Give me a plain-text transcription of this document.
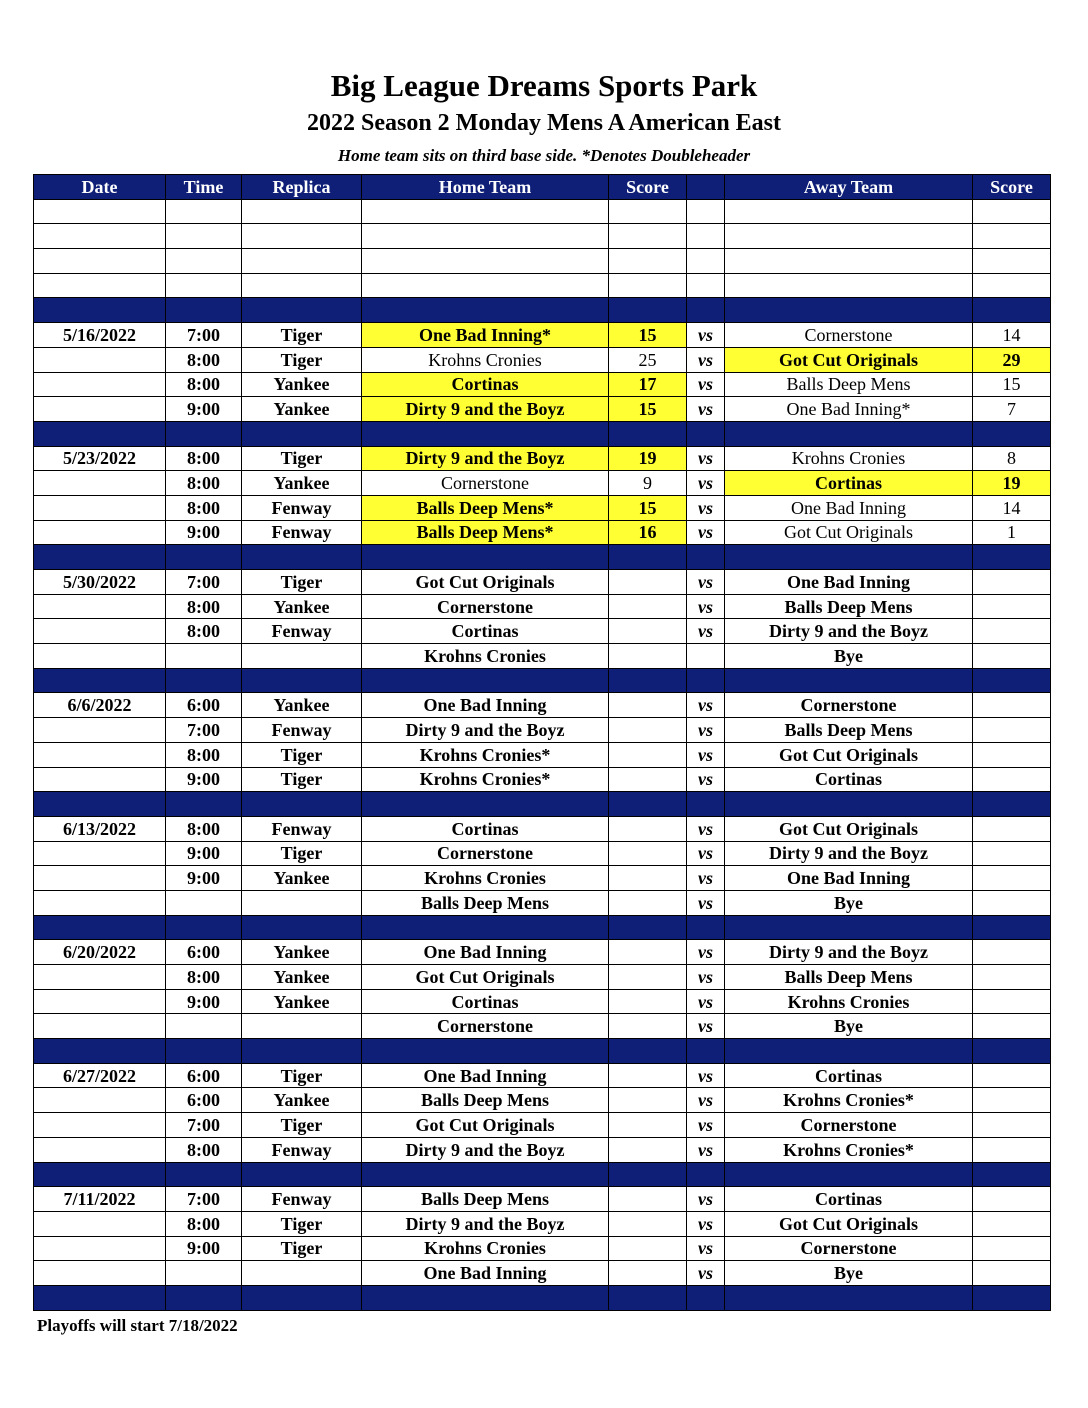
Big League Dreams Sports Park
2022 Season 2 Monday Mens A American East
Home team sits on third base side. *Denotes Doubleheader
Date	Time	Replica	Home Team	Score		Away Team	Score

5/16/2022	7:00	Tiger	One Bad Inning*	15	vs	Cornerstone	14
	8:00	Tiger	Krohns Cronies	25	vs	Got Cut Originals	29
	8:00	Yankee	Cortinas	17	vs	Balls Deep Mens	15
	9:00	Yankee	Dirty 9 and the Boyz	15	vs	One Bad Inning*	7

5/23/2022	8:00	Tiger	Dirty 9 and the Boyz	19	vs	Krohns Cronies	8
	8:00	Yankee	Cornerstone	9	vs	Cortinas	19
	8:00	Fenway	Balls Deep Mens*	15	vs	One Bad Inning	14
	9:00	Fenway	Balls Deep Mens*	16	vs	Got Cut Originals	1

5/30/2022	7:00	Tiger	Got Cut Originals		vs	One Bad Inning	
	8:00	Yankee	Cornerstone		vs	Balls Deep Mens	
	8:00	Fenway	Cortinas		vs	Dirty 9 and the Boyz	
			Krohns Cronies			Bye	

6/6/2022	6:00	Yankee	One Bad Inning		vs	Cornerstone	
	7:00	Fenway	Dirty 9 and the Boyz		vs	Balls Deep Mens	
	8:00	Tiger	Krohns Cronies*		vs	Got Cut Originals	
	9:00	Tiger	Krohns Cronies*		vs	Cortinas	

6/13/2022	8:00	Fenway	Cortinas		vs	Got Cut Originals	
	9:00	Tiger	Cornerstone		vs	Dirty 9 and the Boyz	
	9:00	Yankee	Krohns Cronies		vs	One Bad Inning	
			Balls Deep Mens		vs	Bye	

6/20/2022	6:00	Yankee	One Bad Inning		vs	Dirty 9 and the Boyz	
	8:00	Yankee	Got Cut Originals		vs	Balls Deep Mens	
	9:00	Yankee	Cortinas		vs	Krohns Cronies	
			Cornerstone		vs	Bye	

6/27/2022	6:00	Tiger	One Bad Inning		vs	Cortinas	
	6:00	Yankee	Balls Deep Mens		vs	Krohns Cronies*	
	7:00	Tiger	Got Cut Originals		vs	Cornerstone	
	8:00	Fenway	Dirty 9 and the Boyz		vs	Krohns Cronies*	

7/11/2022	7:00	Fenway	Balls Deep Mens		vs	Cortinas	
	8:00	Tiger	Dirty 9 and the Boyz		vs	Got Cut Originals	
	9:00	Tiger	Krohns Cronies		vs	Cornerstone	
			One Bad Inning		vs	Bye	

Playoffs will start 7/18/2022
